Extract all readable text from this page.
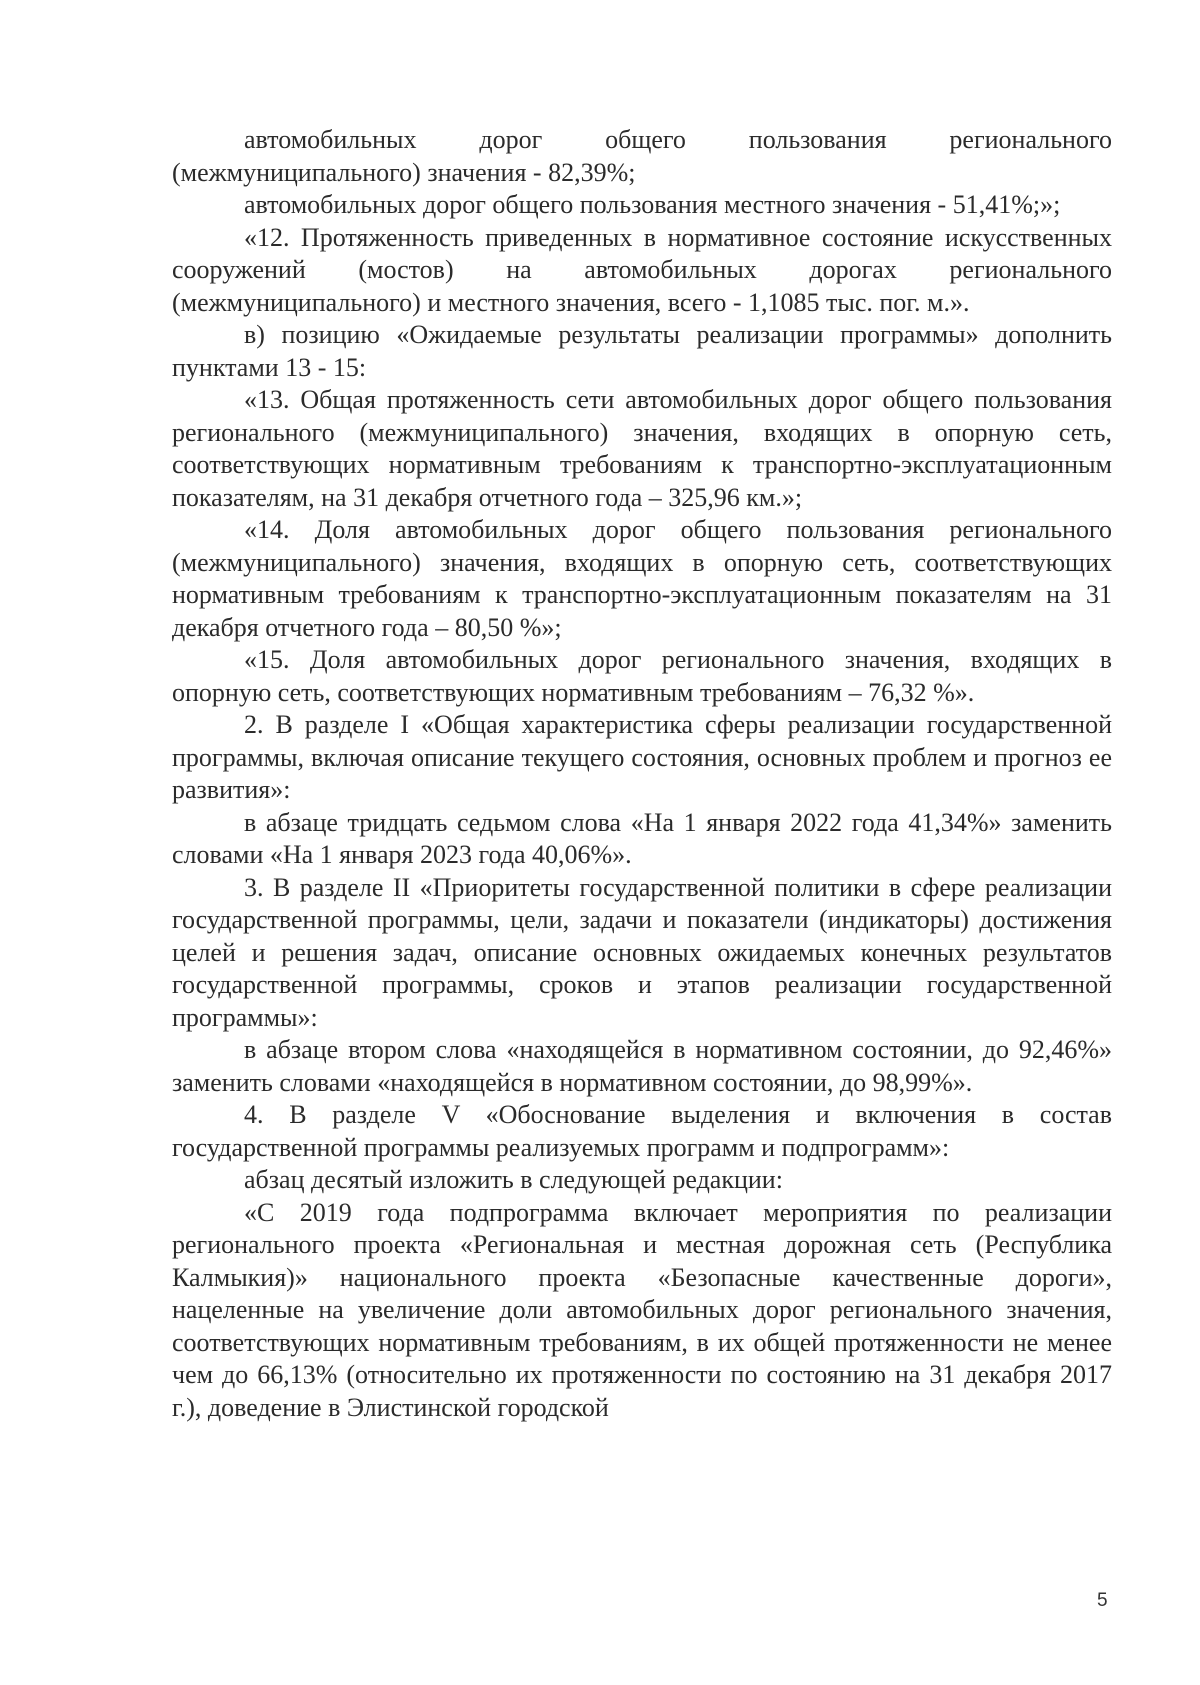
автомобильных дорог общего пользования регионального (межмуниципального) значения - 82,39%;

автомобильных дорог общего пользования местного значения - 51,41%;»;

«12. Протяженность приведенных в нормативное состояние искусственных сооружений (мостов) на автомобильных дорогах регионального (межмуниципального) и местного значения, всего - 1,1085 тыс. пог. м.».

в) позицию «Ожидаемые результаты реализации программы» дополнить пунктами 13 - 15:

«13. Общая протяженность сети автомобильных дорог общего пользования регионального (межмуниципального) значения, входящих в опорную сеть, соответствующих нормативным требованиям к транспортно-эксплуатационным показателям, на 31 декабря отчетного года – 325,96 км.»;

«14. Доля автомобильных дорог общего пользования регионального (межмуниципального) значения, входящих в опорную сеть, соответствующих нормативным требованиям к транспортно-эксплуатационным показателям на 31 декабря отчетного года – 80,50 %»;

«15. Доля автомобильных дорог регионального значения, входящих в опорную сеть, соответствующих нормативным требованиям – 76,32 %».

2. В разделе I «Общая характеристика сферы реализации государственной программы, включая описание текущего состояния, основных проблем и прогноз ее развития»:

в абзаце тридцать седьмом слова «На 1 января 2022 года 41,34%» заменить словами «На 1 января 2023 года 40,06%».

3. В разделе II «Приоритеты государственной политики в сфере реализации государственной программы, цели, задачи и показатели (индикаторы) достижения целей и решения задач, описание основных ожидаемых конечных результатов государственной программы, сроков и этапов реализации государственной программы»:

в абзаце втором слова «находящейся в нормативном состоянии, до 92,46%» заменить словами «находящейся в нормативном состоянии, до 98,99%».

4. В разделе V «Обоснование выделения и включения в состав государственной программы реализуемых программ и подпрограмм»:

абзац десятый изложить в следующей редакции:

«С 2019 года подпрограмма включает мероприятия по реализации регионального проекта «Региональная и местная дорожная сеть (Республика Калмыкия)» национального проекта «Безопасные качественные дороги», нацеленные на увеличение доли автомобильных дорог регионального значения, соответствующих нормативным требованиям, в их общей протяженности не менее чем до 66,13% (относительно их протяженности по состоянию на 31 декабря 2017 г.), доведение в Элистинской городской

5
